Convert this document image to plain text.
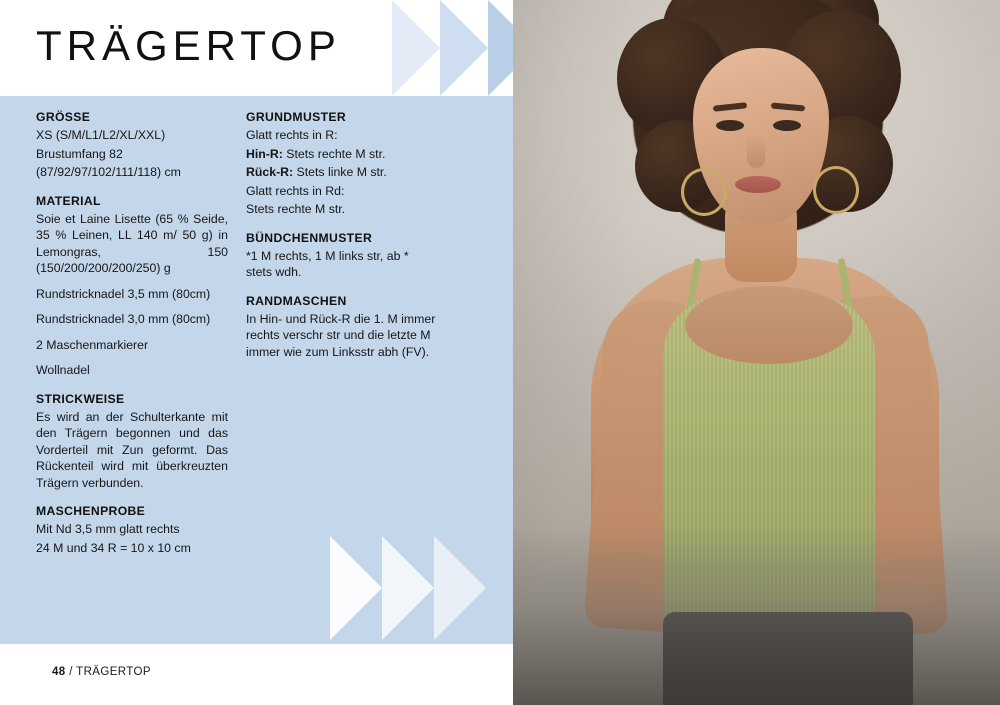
TRÄGERTOP
GRÖSSE

XS (S/M/L1/L2/XL/XXL)

Brustumfang 82

(87/92/97/102/111/118) cm

MATERIAL

Soie et Laine Lisette (65 % Seide, 35 % Leinen, LL 140 m/ 50 g) in Lemongras, 150 (150/200/200/200/250) g

Rundstricknadel 3,5 mm (80cm)

Rundstricknadel 3,0 mm (80cm)

2 Maschenmarkierer

Wollnadel

STRICKWEISE

Es wird an der Schulterkante mit den Trägern begonnen und das Vorderteil mit Zun geformt. Das Rückenteil wird mit überkreuzten Trägern verbunden.

MASCHENPROBE

Mit Nd 3,5 mm glatt rechts

24 M und 34 R = 10 x 10 cm

GRUNDMUSTER

Glatt rechts in R:

Hin-R: Stets rechte M str.

Rück-R: Stets linke M str.

Glatt rechts in Rd:

Stets rechte M str.

BÜNDCHENMUSTER

*1 M rechts, 1 M links str, ab * stets wdh.

RANDMASCHEN

In Hin- und Rück-R die 1. M immer rechts verschr str und die letzte M immer wie zum Linksstr abh (FV).

48 / TRÄGERTOP
